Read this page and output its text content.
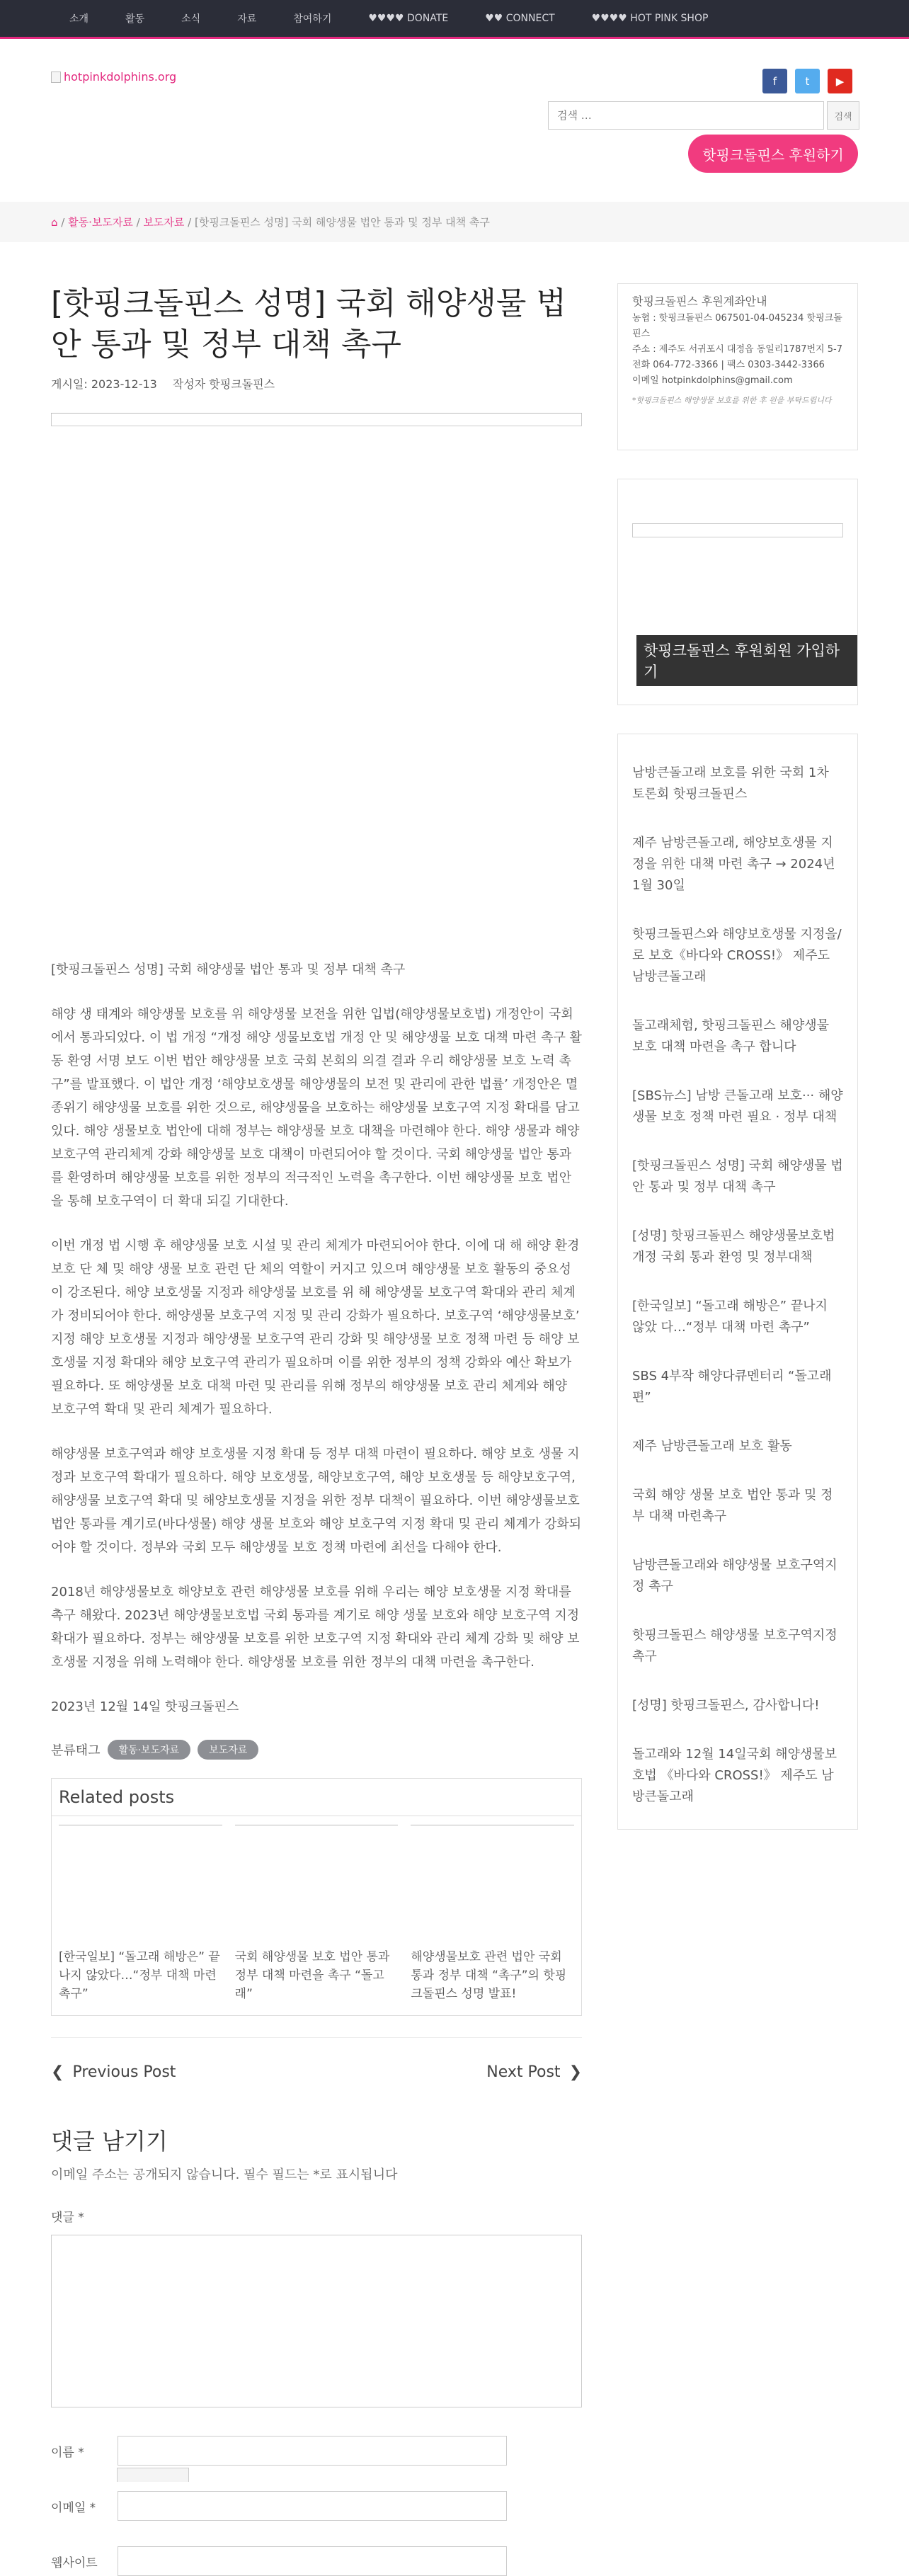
소개	활동	소식	자료	참여하기	♥♥♥♥ DONATE	♥♥ CONNECT	♥♥♥♥ HOT PINK SHOP
hotpinkdolphins.org	f	t	▶
검색 …
검색
핫핑크돌핀스 후원하기
⌂ / 활동·보도자료 / 보도자료 / [핫핑크돌핀스 성명] 국회 해양생물 법안 통과 및 정부 대책 촉구
[핫핑크돌핀스 성명] 국회 해양생물 법안 통과 및 정부 대책 촉구
게시일: 2023-12-13 작성자 핫핑크돌핀스

[핫핑크돌핀스 성명] 국회 해양생물 법안 통과 및 정부 대책 촉구

해양 생 태계와 해양생물 보호를 위 해양생물 보전을 위한 입법(해양생물보호법) 개정안이 국회에서 통과되었다. 이 법 개정 “개정 해양 생물보호법 개정 안 및 해양생물 보호 대책 마련 촉구 활동 환영 서명 보도 이번 법안 해양생물 보호 국회 본회의 의결 결과 우리 해양생물 보호 노력 촉구”를 발표했다. 이 법안 개정 ‘해양보호생물 해양생물의 보전 및 관리에 관한 법률’ 개정안은 멸종위기 해양생물 보호를 위한 것으로, 해양생물을 보호하는 해양생물 보호구역 지정 확대를 담고 있다. 해양 생물보호 법안에 대해 정부는 해양생물 보호 대책을 마련해야 한다. 해양 생물과 해양보호구역 관리체계 강화 해양생물 보호 대책이 마련되어야 할 것이다. 국회 해양생물 법안 통과를 환영하며 해양생물 보호를 위한 정부의 적극적인 노력을 촉구한다. 이번 해양생물 보호 법안을 통해 보호구역이 더 확대 되길 기대한다.

이번 개정 법 시행 후 해양생물 보호 시설 및 관리 체계가 마련되어야 한다. 이에 대 해 해양 환경 보호 단 체 및 해양 생물 보호 관련 단 체의 역할이 커지고 있으며 해양생물 보호 활동의 중요성이 강조된다. 해양 보호생물 지정과 해양생물 보호를 위 해 해양생물 보호구역 확대와 관리 체계가 정비되어야 한다. 해양생물 보호구역 지정 및 관리 강화가 필요하다. 보호구역 ‘해양생물보호’ 지정 해양 보호생물 지정과 해양생물 보호구역 관리 강화 및 해양생물 보호 정책 마련 등 해양 보호생물 지정 확대와 해양 보호구역 관리가 필요하며 이를 위한 정부의 정책 강화와 예산 확보가 필요하다. 또 해양생물 보호 대책 마련 및 관리를 위해 정부의 해양생물 보호 관리 체계와 해양 보호구역 확대 및 관리 체계가 필요하다.

해양생물 보호구역과 해양 보호생물 지정 확대 등 정부 대책 마련이 필요하다. 해양 보호 생물 지정과 보호구역 확대가 필요하다. 해양 보호생물, 해양보호구역, 해양 보호생물 등 해양보호구역, 해양생물 보호구역 확대 및 해양보호생물 지정을 위한 정부 대책이 필요하다. 이번 해양생물보호 법안 통과를 계기로(바다생물) 해양 생물 보호와 해양 보호구역 지정 확대 및 관리 체계가 강화되어야 할 것이다. 정부와 국회 모두 해양생물 보호 정책 마련에 최선을 다해야 한다.

2018년 해양생물보호 해양보호 관련 해양생물 보호를 위해 우리는 해양 보호생물 지정 확대를 촉구 해왔다. 2023년 해양생물보호법 국회 통과를 계기로 해양 생물 보호와 해양 보호구역 지정 확대가 필요하다. 정부는 해양생물 보호를 위한 보호구역 지정 확대와 관리 체계 강화 및 해양 보호생물 지정을 위해 노력해야 한다. 해양생물 보호를 위한 정부의 대책 마련을 촉구한다.

2023년 12월 14일 핫핑크돌핀스

분류태그	활동·보도자료	보도자료
Related posts
[한국일보] “돌고래 해방은” 끝 나지 않았다…“정부 대책 마련 촉구”
국회 해양생물 보호 법안 통과 정부 대책 마련을 촉구 “돌고래”
해양생물보호 관련 법안 국회 통과 정부 대책 “촉구”의 핫핑크돌핀스 성명 발표!
❮ Previous Post	Next Post ❯
댓글 남기기

이메일 주소는 공개되지 않습니다. 필수 필드는 *로 표시됩니다

댓글 *

이름 *
이메일 *
웹사이트
핫핑크돌핀스 후원계좌안내
농협 : 핫핑크돌핀스 067501-04-045234 핫핑크돌핀스
주소 : 제주도 서귀포시 대정읍 동일리1787번지 5-7
전화 064-772-3366 | 팩스 0303-3442-3366
이메일 hotpinkdolphins@gmail.com
*핫핑크돌핀스 해양생물 보호를 위한 후 원을 부탁드립니다
핫핑크돌핀스 후원회원 가입하기
남방큰돌고래 보호를 위한 국회 1차 토론회 핫핑크돌핀스
제주 남방큰돌고래, 해양보호생물 지정을 위한 대책 마련 촉구 → 2024년 1월 30일
핫핑크돌핀스와 해양보호생물 지정을/로 보호《바다와 CROSS!》 제주도 남방큰돌고래
돌고래체험, 핫핑크돌핀스 해양생물 보호 대책 마련을 촉구 합니다
[SBS뉴스] 남방 큰돌고래 보호··· 해양생물 보호 정책 마련 필요 · 정부 대책
[핫핑크돌핀스 성명] 국회 해양생물 법안 통과 및 정부 대책 촉구
[성명] 핫핑크돌핀스 해양생물보호법 개정 국회 통과 환영 및 정부대책
[한국일보] “돌고래 해방은” 끝나지 않았 다…“정부 대책 마련 촉구”
SBS 4부작 해양다큐멘터리 “돌고래 편”
제주 남방큰돌고래 보호 활동
국회 해양 생물 보호 법안 통과 및 정부 대책 마련촉구
남방큰돌고래와 해양생물 보호구역지정 촉구
핫핑크돌핀스 해양생물 보호구역지정 촉구
[성명] 핫핑크돌핀스, 감사합니다!
돌고래와 12월 14일국회 해양생물보호법 《바다와 CROSS!》 제주도 남방큰돌고래
